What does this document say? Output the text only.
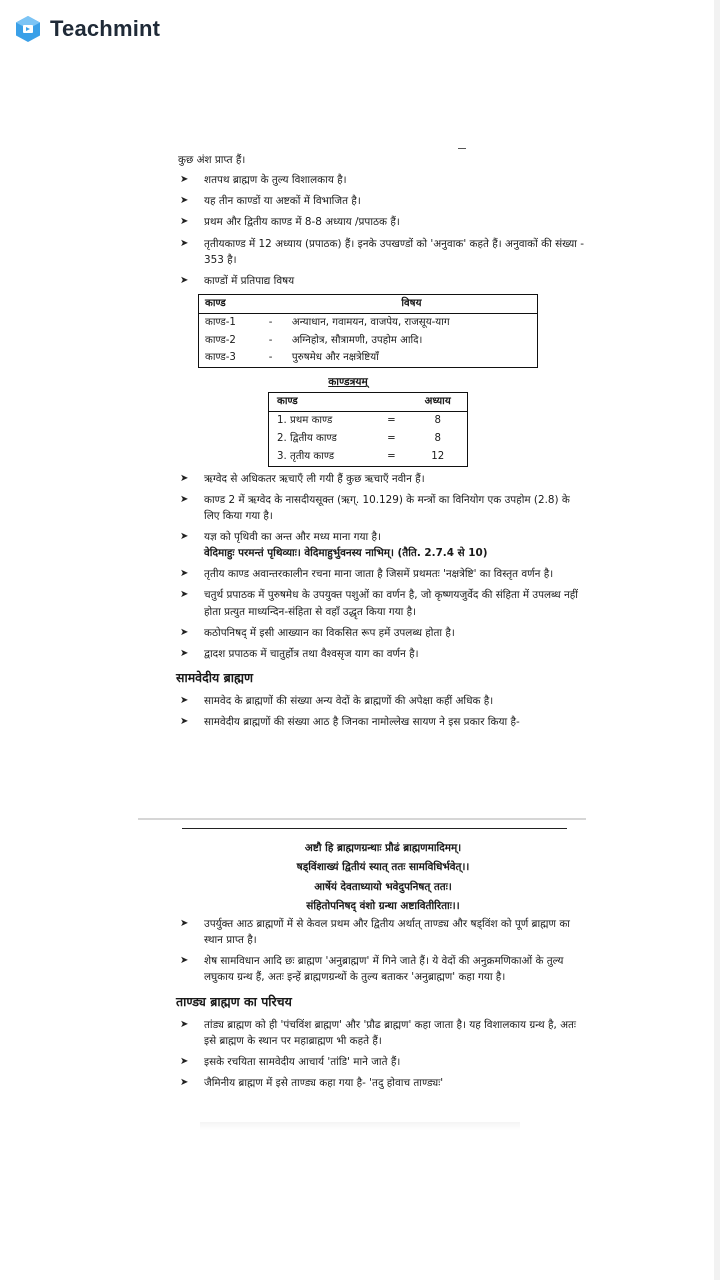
Teachmint

कुछ अंश प्राप्त हैं।

➤ शतपथ ब्राह्मण के तुल्य विशालकाय है।

➤ यह तीन काण्डों या अष्टकों में विभाजित है।

➤ प्रथम और द्वितीय काण्ड में 8-8 अध्याय /प्रपाठक हैं।

➤ तृतीयकाण्ड में 12 अध्याय (प्रपाठक) हैं। इनके उपखण्डों को 'अनुवाक' कहते हैं। अनुवाकों की संख्या - 353 है।

➤ काण्डों में प्रतिपाद्य विषय

काण्ड		विषय
काण्ड-1	-	अन्याधान, गवामयन, वाजपेय, राजसूय-याग
काण्ड-2	-	अग्निहोत्र, सौत्रामणी, उपहोम आदि।
काण्ड-3	-	पुरुषमेध और नक्षत्रेष्टियाँ
काण्डत्रयम्
काण्ड		अध्याय
1. प्रथम काण्ड	=	8
2. द्वितीय काण्ड	=	8
3. तृतीय काण्ड	=	12

➤ ऋग्वेद से अधिकतर ऋचाएँ ली गयी हैं कुछ ऋचाएँ नवीन हैं।

➤ काण्ड 2 में ऋग्वेद के नासदीयसूक्त (ऋग्. 10.129) के मन्त्रों का विनियोग एक उपहोम (2.8) के लिए किया गया है।

➤ यज्ञ को पृथिवी का अन्त और मध्य माना गया है।
वेदिमाहुः परमन्तं पृथिव्याः। वेदिमाहुर्भुवनस्य नाभिम्। (तैति. 2.7.4 से 10)

➤ तृतीय काण्ड अवान्तरकालीन रचना माना जाता है जिसमें प्रथमतः 'नक्षत्रेष्टि' का विस्तृत वर्णन है।

➤ चतुर्थ प्रपाठक में पुरुषमेध के उपयुक्त पशुओं का वर्णन है, जो कृष्णयजुर्वेद की संहिता में उपलब्ध नहीं होता प्रत्युत माध्यन्दिन-संहिता से वहाँ उद्धृत किया गया है।

➤ कठोपनिषद् में इसी आख्यान का विकसित रूप हमें उपलब्ध होता है।

➤ द्वादश प्रपाठक में चातुर्होत्र तथा वैश्वसृज याग का वर्णन है।

सामवेदीय ब्राह्मण

➤ सामवेद के ब्राह्मणों की संख्या अन्य वेदों के ब्राह्मणों की अपेक्षा कहीं अधिक है।

➤ सामवेदीय ब्राह्मणों की संख्या आठ है जिनका नामोल्लेख सायण ने इस प्रकार किया है-

अष्टौ हि ब्राह्मणग्रन्थाः प्रौढं ब्राह्मणमादिमम्।
षड्विंशाख्यं द्वितीयं स्यात् ततः सामविधिर्भवेत्।।
आर्षेयं देवताध्यायो भवेदुपनिषत् ततः।
संहितोपनिषद् वंशो ग्रन्था अष्टावितीरिताः।।

➤ उपर्युक्त आठ ब्राह्मणों में से केवल प्रथम और द्वितीय अर्थात् ताण्ड्य और षड्विंश को पूर्ण ब्राह्मण का स्थान प्राप्त है।

➤ शेष सामविधान आदि छः ब्राह्मण 'अनुब्राह्मण' में गिने जाते हैं। ये वेदों की अनुक्रमणिकाओं के तुल्य लघुकाय ग्रन्थ हैं, अतः इन्हें ब्राह्मणग्रन्थों के तुल्य बताकर 'अनुब्राह्मण' कहा गया है।

ताण्ड्य ब्राह्मण का परिचय

➤ तांड्य ब्राह्मण को ही 'पंचविंश ब्राह्मण' और 'प्रौढ ब्राह्मण' कहा जाता है। यह विशालकाय ग्रन्थ है, अतः इसे ब्राह्मण के स्थान पर महाब्राह्मण भी कहते हैं।

➤ इसके रचयिता सामवेदीय आचार्य 'तांडि' माने जाते हैं।

➤ जैमिनीय ब्राह्मण में इसे ताण्ड्य कहा गया है- 'तदु होवाच ताण्ड्यः'
